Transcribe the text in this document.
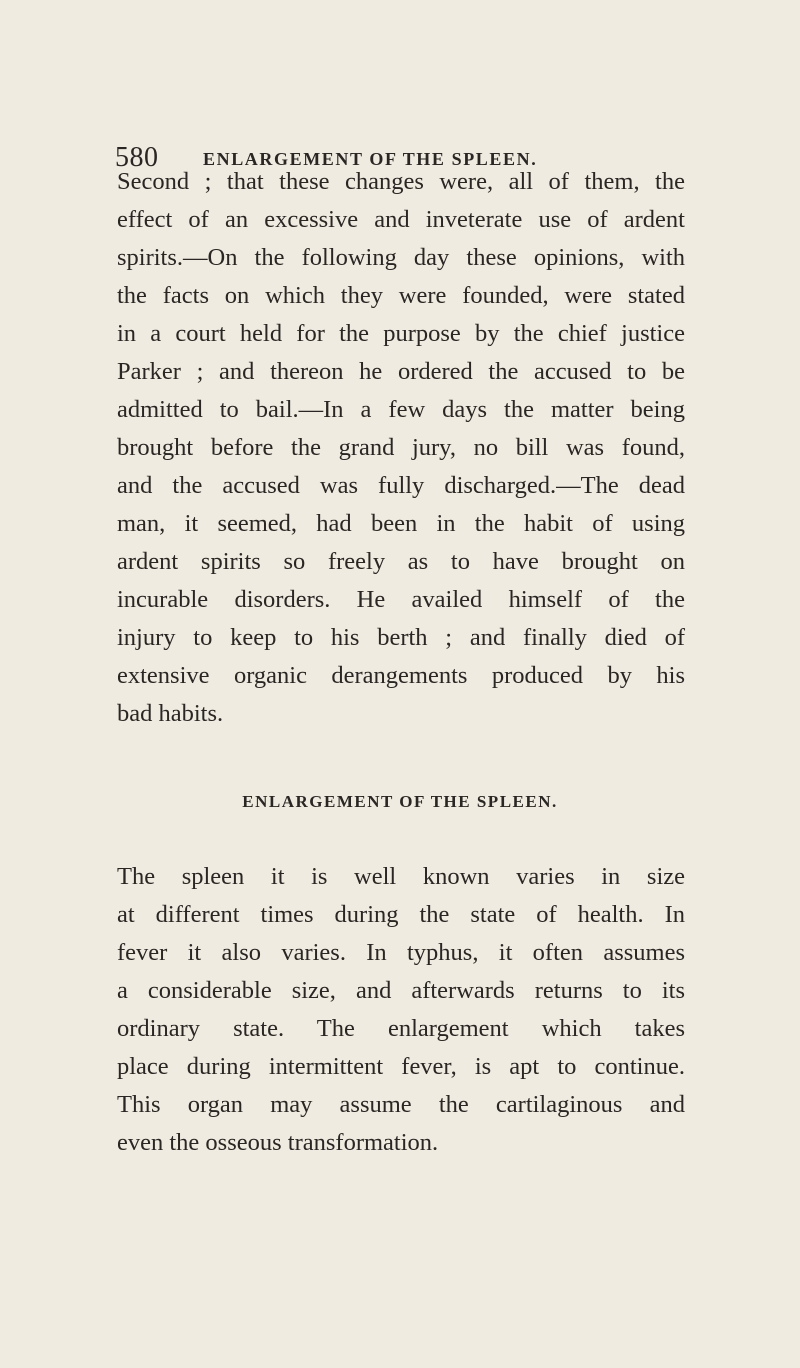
580 ENLARGEMENT OF THE SPLEEN.
Second ; that these changes were, all of them, the
effect of an excessive and inveterate use of ardent
spirits.—On the following day these opinions, with
the facts on which they were founded, were stated
in a court held for the purpose by the chief justice
Parker ; and thereon he ordered the accused to be
admitted to bail.—In a few days the matter being
brought before the grand jury, no bill was found,
and the accused was fully discharged.—The dead
man, it seemed, had been in the habit of using
ardent spirits so freely as to have brought on
incurable disorders. He availed himself of the
injury to keep to his berth ; and finally died of
extensive organic derangements produced by his
bad habits.
ENLARGEMENT OF THE SPLEEN.
The spleen it is well known varies in size
at different times during the state of health. In
fever it also varies. In typhus, it often assumes
a considerable size, and afterwards returns to its
ordinary state. The enlargement which takes
place during intermittent fever, is apt to continue.
This organ may assume the cartilaginous and
even the osseous transformation.
